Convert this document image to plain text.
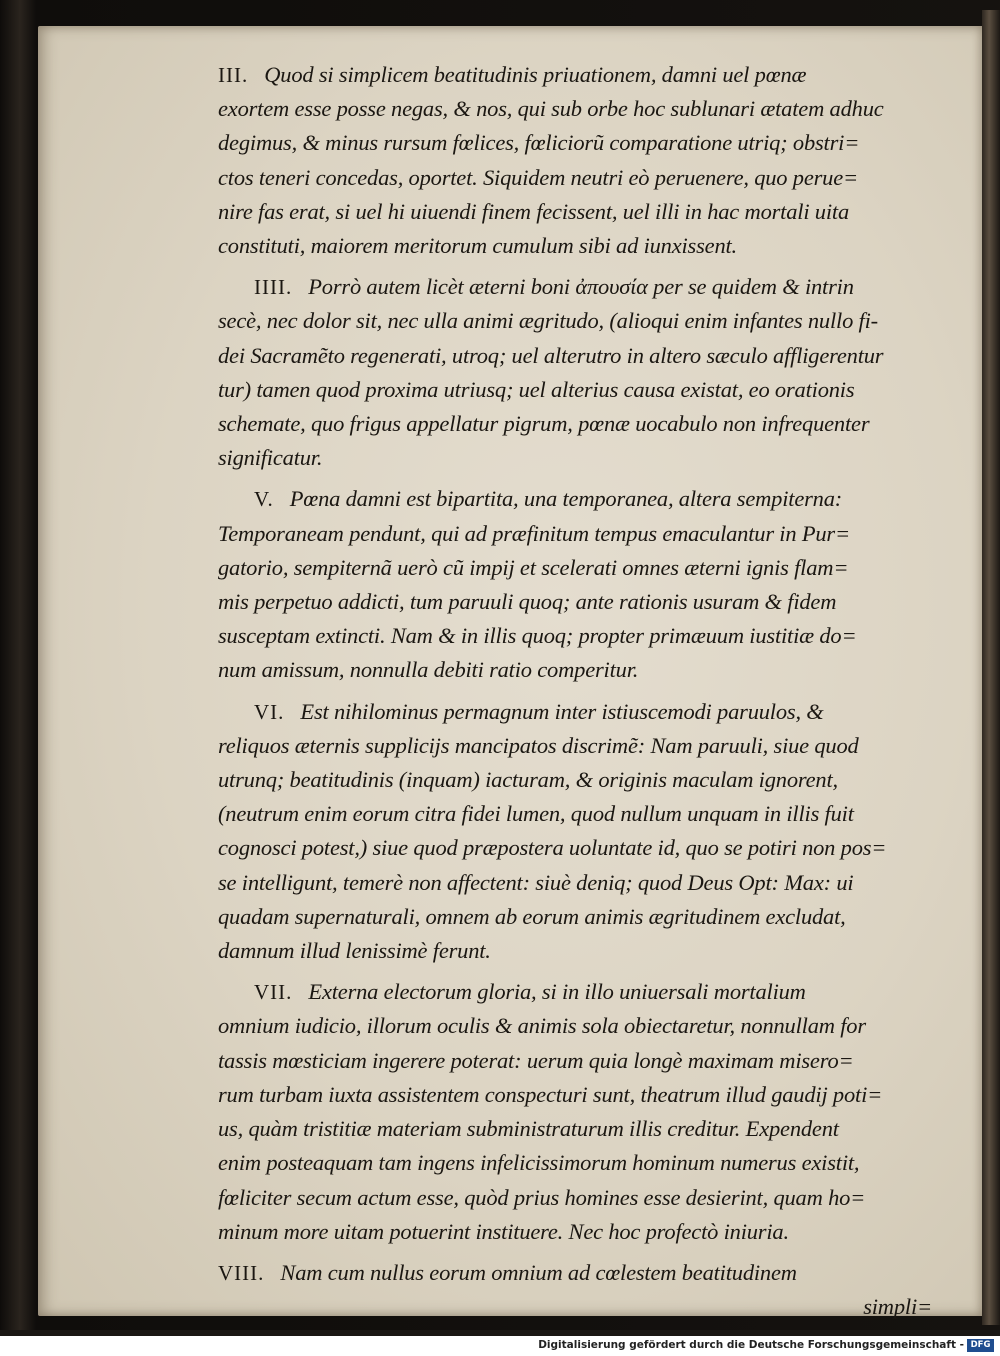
III. Quod si simplicem beatitudinis priuationem, damni uel pœnæ
exortem esse posse negas, & nos, qui sub orbe hoc sublunari ætatem adhuc
degimus, & minus rursum fœlices, fœliciorũ comparatione utriq; obstri=
ctos teneri concedas, oportet. Siquidem neutri eò peruenere, quo perue=
nire fas erat, si uel hi uiuendi finem fecissent, uel illi in hac mortali uita
constituti, maiorem meritorum cumulum sibi ad iunxissent.

IIII. Porrò autem licèt æterni boni ἀπουσία per se quidem & intrin
secè, nec dolor sit, nec ulla animi ægritudo, (alioqui enim infantes nullo fi-
dei Sacramẽto regenerati, utroq; uel alterutro in altero sæculo affligerentur
tur) tamen quod proxima utriusq; uel alterius causa existat, eo orationis
schemate, quo frigus appellatur pigrum, pœnæ uocabulo non infrequenter
significatur.

V. Pœna damni est bipartita, una temporanea, altera sempiterna:
Temporaneam pendunt, qui ad præfinitum tempus emaculantur in Pur=
gatorio, sempiternã uerò cũ impij et scelerati omnes æterni ignis flam=
mis perpetuo addicti, tum paruuli quoq; ante rationis usuram & fidem
susceptam extincti. Nam & in illis quoq; propter primæuum iustitiæ do=
num amissum, nonnulla debiti ratio comperitur.

VI. Est nihilominus permagnum inter istiuscemodi paruulos, &
reliquos æternis supplicijs mancipatos discrimẽ: Nam paruuli, siue quod
utrunq; beatitudinis (inquam) iacturam, & originis maculam ignorent,
(neutrum enim eorum citra fidei lumen, quod nullum unquam in illis fuit
cognosci potest,) siue quod præpostera uoluntate id, quo se potiri non pos=
se intelligunt, temerè non affectent: siuè deniq; quod Deus Opt: Max: ui
quadam supernaturali, omnem ab eorum animis ægritudinem excludat,
damnum illud lenissimè ferunt.

VII. Externa electorum gloria, si in illo uniuersali mortalium
omnium iudicio, illorum oculis & animis sola obiectaretur, nonnullam for
tassis mœsticiam ingerere poterat: uerum quia longè maximam misero=
rum turbam iuxta assistentem conspecturi sunt, theatrum illud gaudij poti=
us, quàm tristitiæ materiam subministraturum illis creditur. Expendent
enim posteaquam tam ingens infelicissimorum hominum numerus existit,
fœliciter secum actum esse, quòd prius homines esse desierint, quam ho=
minum more uitam potuerint instituere. Nec hoc profectò iniuria.

VIII. Nam cum nullus eorum omnium ad cœlestem beatitudinem
simpli=

Digitalisierung gefördert durch die Deutsche Forschungsgemeinschaft - DFG
